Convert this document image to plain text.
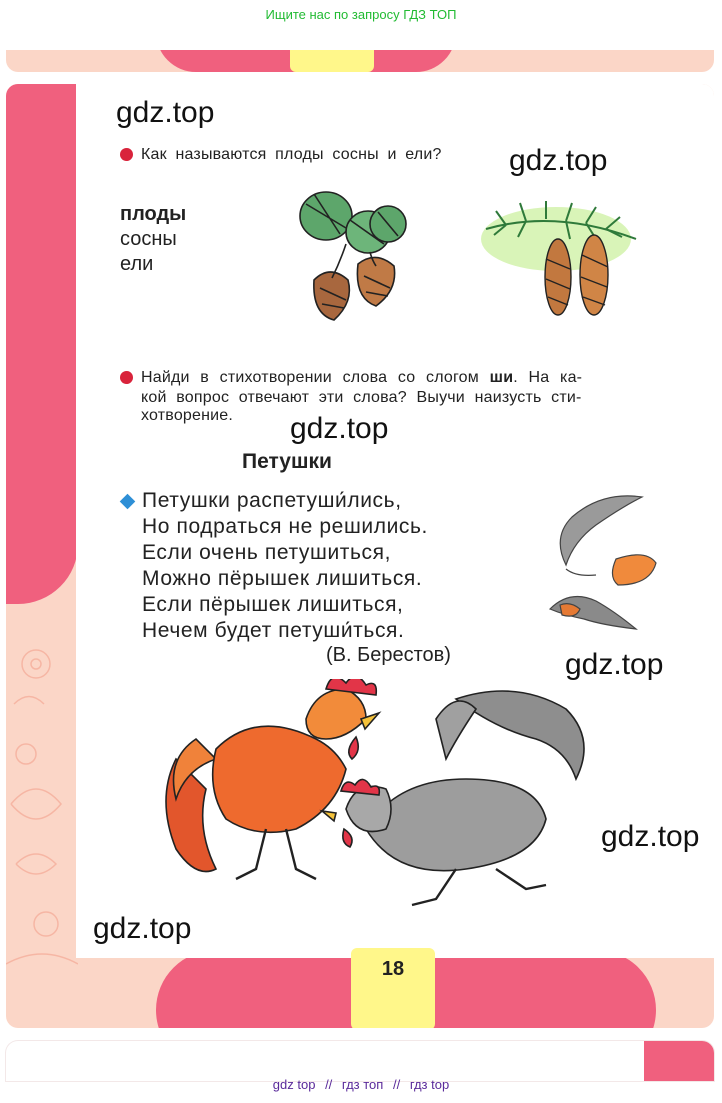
Ищите нас по запросу ГДЗ ТОП
gdz.top
Как называются плоды сосны и ели? gdz.top
плоды
сосны
ели
Найди в стихотворении слова со слогом ши. На ка-
кой вопрос отвечают эти слова? Выучи наизусть сти-
хотворение. gdz.top
Петушки
Петушки распетуши́лись,
Но подраться не решились.
Если очень петушиться,
Можно пёрышек лишиться.
Если пёрышек лишиться,
Нечем будет петуши́ться.
(В. Берестов)	gdz.top
gdz.top
gdz.top
18
gdz top // гдз топ // гдз top
